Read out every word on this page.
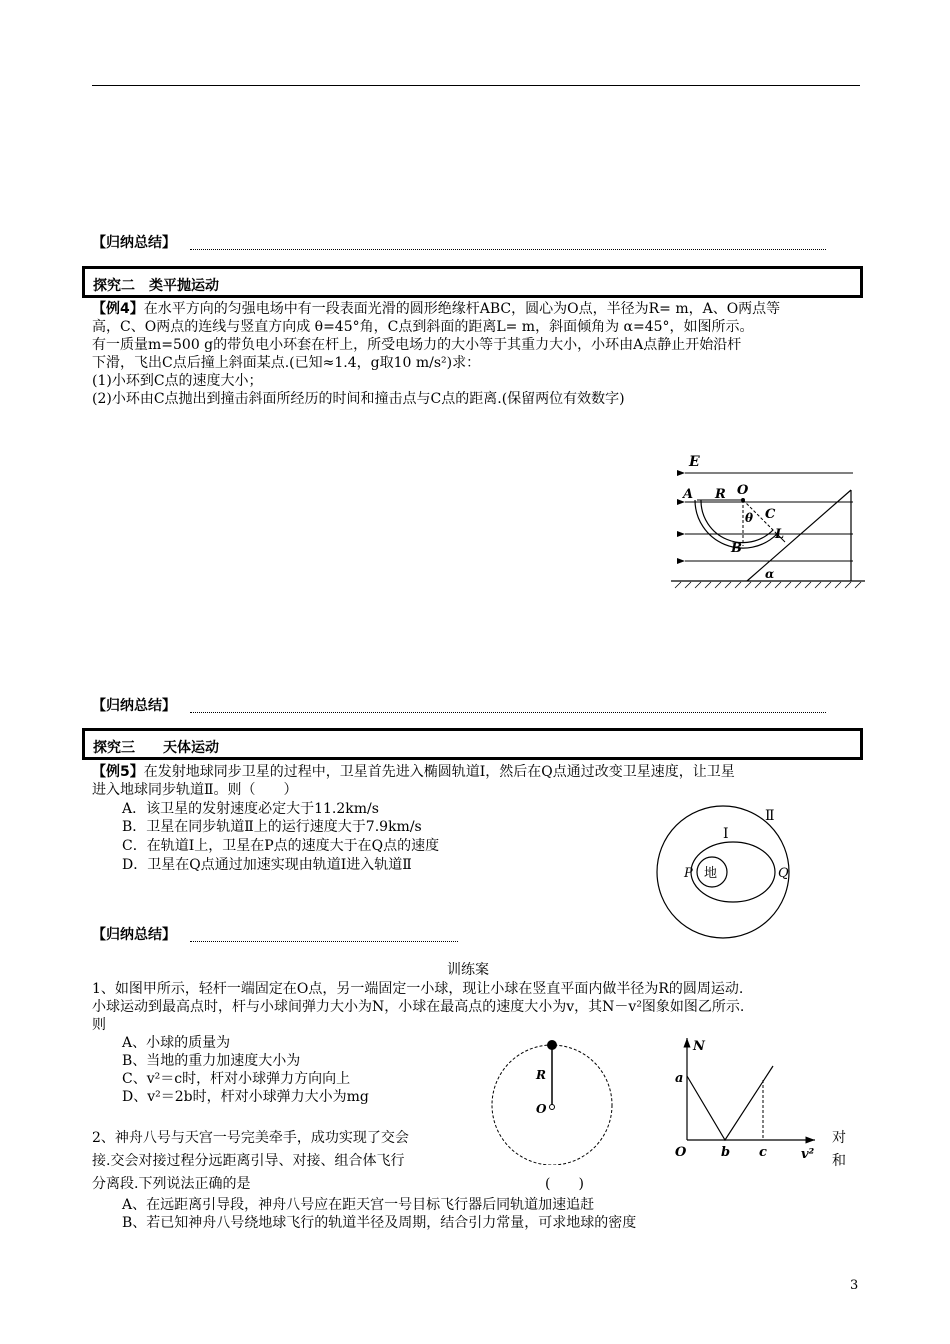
【归纳总结】
探究二　类平抛运动
【例4】在水平方向的匀强电场中有一段表面光滑的圆形绝缘杆ABC，圆心为O点，半径为R= m，A、O两点等
高，C、O两点的连线与竖直方向成 θ=45°角，C点到斜面的距离L= m，斜面倾角为 α=45°，如图所示。
有一质量m=500 g的带负电小环套在杆上，所受电场力的大小等于其重力大小，小环由A点静止开始沿杆
下滑，飞出C点后撞上斜面某点.(已知≈1.4，g取10 m/s²)求：
(1)小环到C点的速度大小；
(2)小环由C点抛出到撞击斜面所经历的时间和撞击点与C点的距离.(保留两位有效数字)
E
A R O
θ C
L
B
α
【归纳总结】
探究三　　天体运动
【例5】在发射地球同步卫星的过程中，卫星首先进入椭圆轨道Ⅰ，然后在Q点通过改变卫星速度，让卫星
进入地球同步轨道Ⅱ。则（　　）
A．该卫星的发射速度必定大于11.2km/s
B．卫星在同步轨道Ⅱ上的运行速度大于7.9km/s
C．在轨道Ⅰ上，卫星在P点的速度大于在Q点的速度
D．卫星在Q点通过加速实现由轨道Ⅰ进入轨道Ⅱ
Ⅱ
Ⅰ
P 地	Q
【归纳总结】
训练案
1、如图甲所示，轻杆一端固定在O点，另一端固定一小球，现让小球在竖直平面内做半径为R的圆周运动.
小球运动到最高点时，杆与小球间弹力大小为N，小球在最高点的速度大小为v，其N－v²图象如图乙所示.
则
A、小球的质量为
B、当地的重力加速度大小为
C、v²＝c时，杆对小球弹力方向向上
D、v²＝2b时，杆对小球弹力大小为mg
R
O
N
a
O	b c	v²
2、神舟八号与天宫一号完美牵手，成功实现了交会	对
接.交会对接过程分远距离引导、对接、组合体飞行	和
分离段.下列说法正确的是	(　　)
A、在远距离引导段，神舟八号应在距天宫一号目标飞行器后同轨道加速追赶
B、若已知神舟八号绕地球飞行的轨道半径及周期，结合引力常量，可求地球的密度
3
